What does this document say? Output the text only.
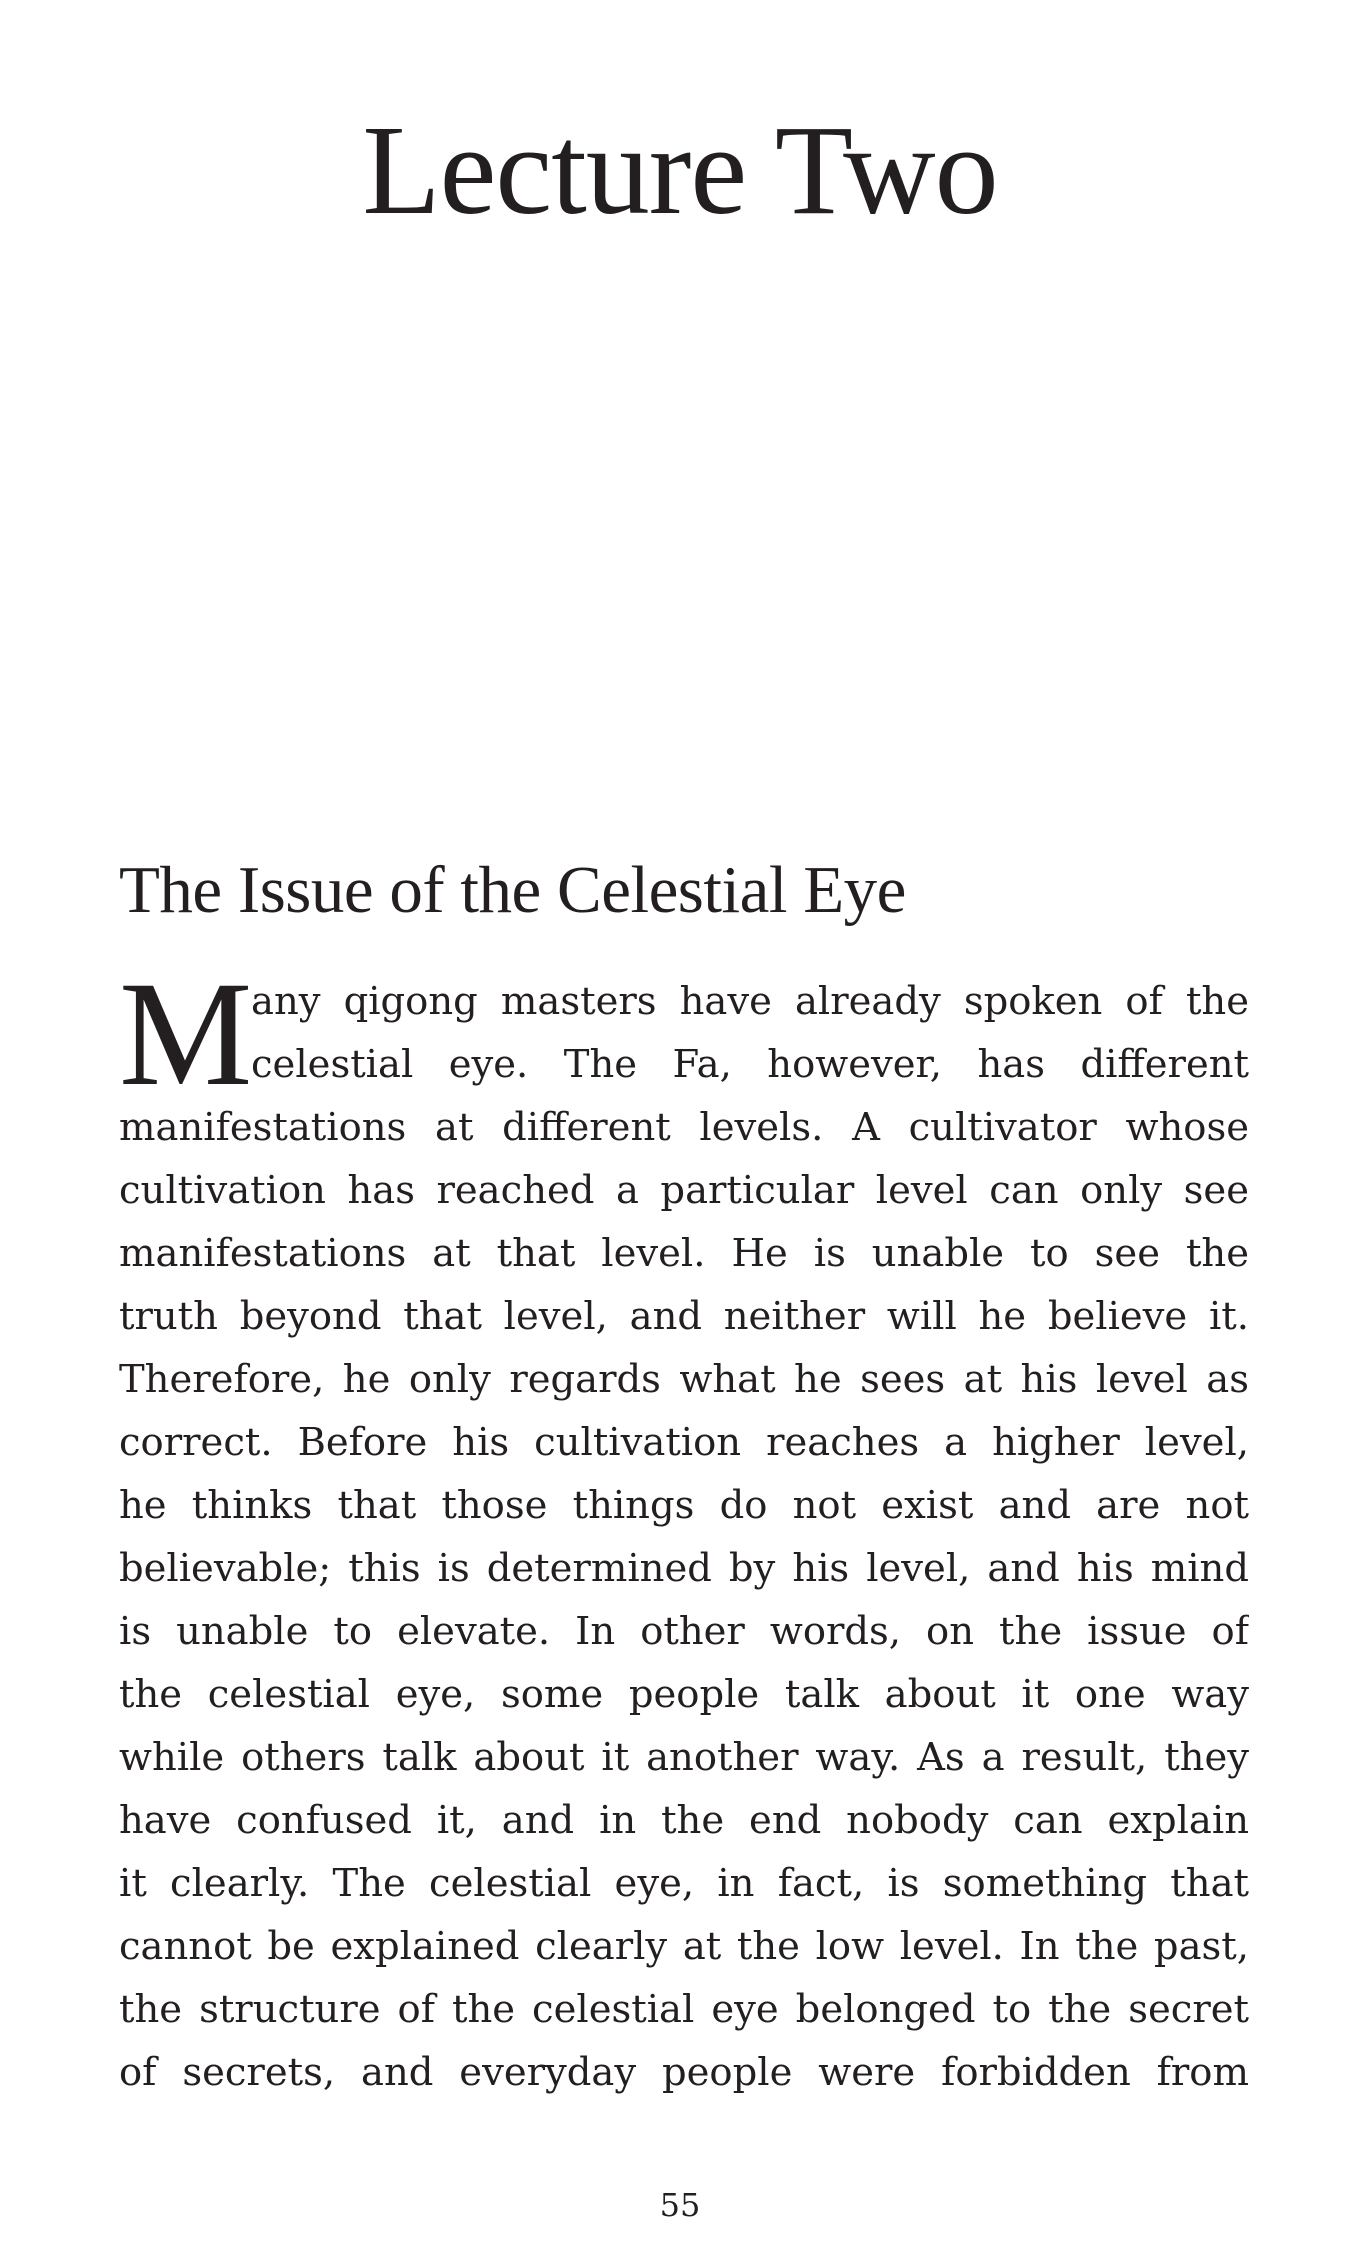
Lecture Two
The Issue of the Celestial Eye
M
any qigong masters have already spoken of the
celestial eye. The Fa, however, has different
manifestations at different levels. A cultivator whose
cultivation has reached a particular level can only see
manifestations at that level. He is unable to see the
truth beyond that level, and neither will he believe it.
Therefore, he only regards what he sees at his level as
correct. Before his cultivation reaches a higher level,
he thinks that those things do not exist and are not
believable; this is determined by his level, and his mind
is unable to elevate. In other words, on the issue of
the celestial eye, some people talk about it one way
while others talk about it another way. As a result, they
have confused it, and in the end nobody can explain
it clearly. The celestial eye, in fact, is something that
cannot be explained clearly at the low level. In the past,
the structure of the celestial eye belonged to the secret
of secrets, and everyday people were forbidden from
55
